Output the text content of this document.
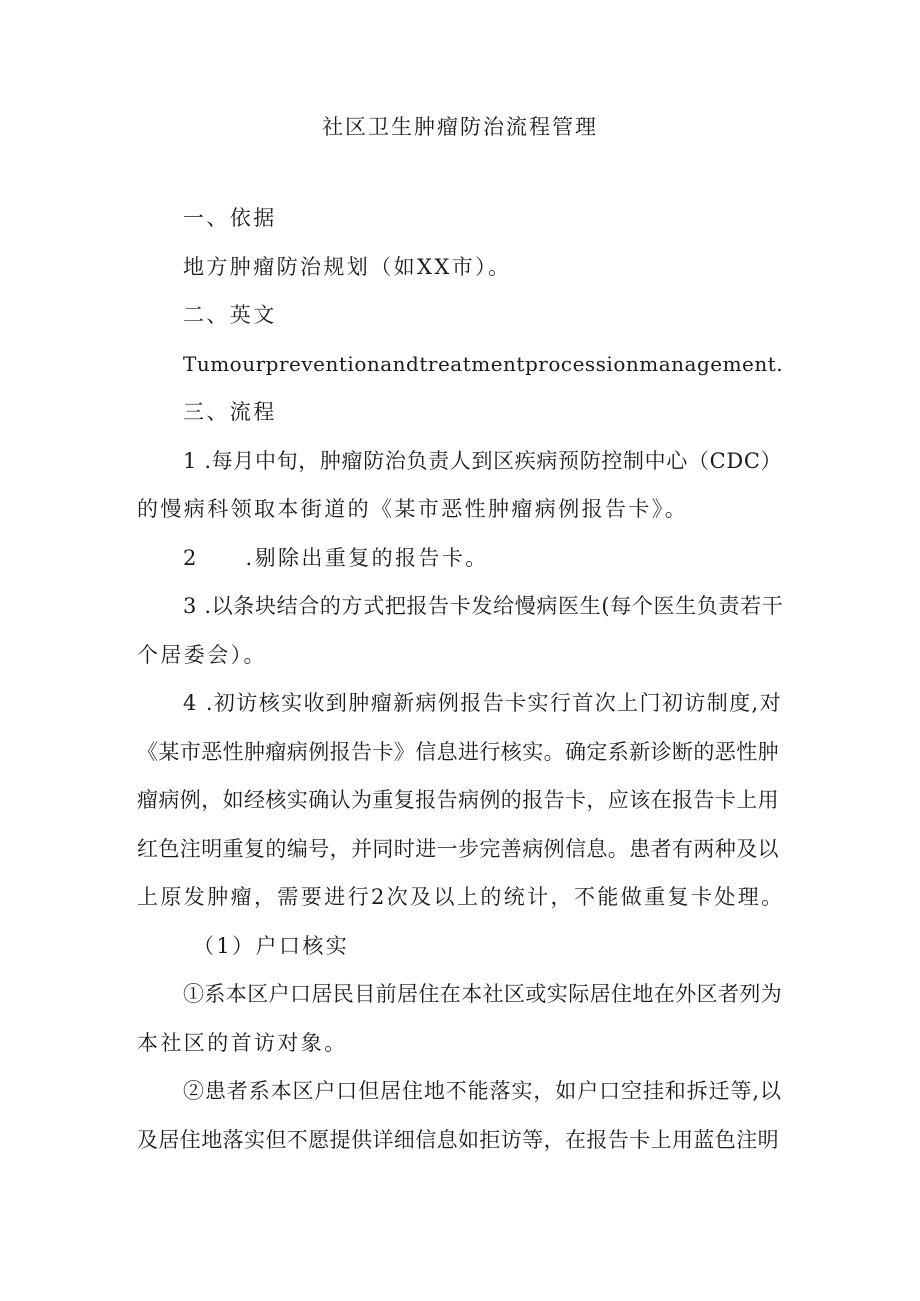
社区卫生肿瘤防治流程管理
一、依据
地方肿瘤防治规划（如XX市）。
二、英文
Tumourpreventionandtreatmentprocessionmanagement.
三、流程
1 .每月中旬，肿瘤防治负责人到区疾病预防控制中心（CDC）
的慢病科领取本街道的《某市恶性肿瘤病例报告卡》。
2　　.剔除出重复的报告卡。
3 .以条块结合的方式把报告卡发给慢病医生(每个医生负责若干
个居委会）。
4 .初访核实收到肿瘤新病例报告卡实行首次上门初访制度,对
《某市恶性肿瘤病例报告卡》信息进行核实。确定系新诊断的恶性肿
瘤病例，如经核实确认为重复报告病例的报告卡，应该在报告卡上用
红色注明重复的编号，并同时进一步完善病例信息。患者有两种及以
上原发肿瘤，需要进行2次及以上的统计，不能做重复卡处理。
（1）户口核实
①系本区户口居民目前居住在本社区或实际居住地在外区者列为
本社区的首访对象。
②患者系本区户口但居住地不能落实，如户口空挂和拆迁等,以
及居住地落实但不愿提供详细信息如拒访等，在报告卡上用蓝色注明
